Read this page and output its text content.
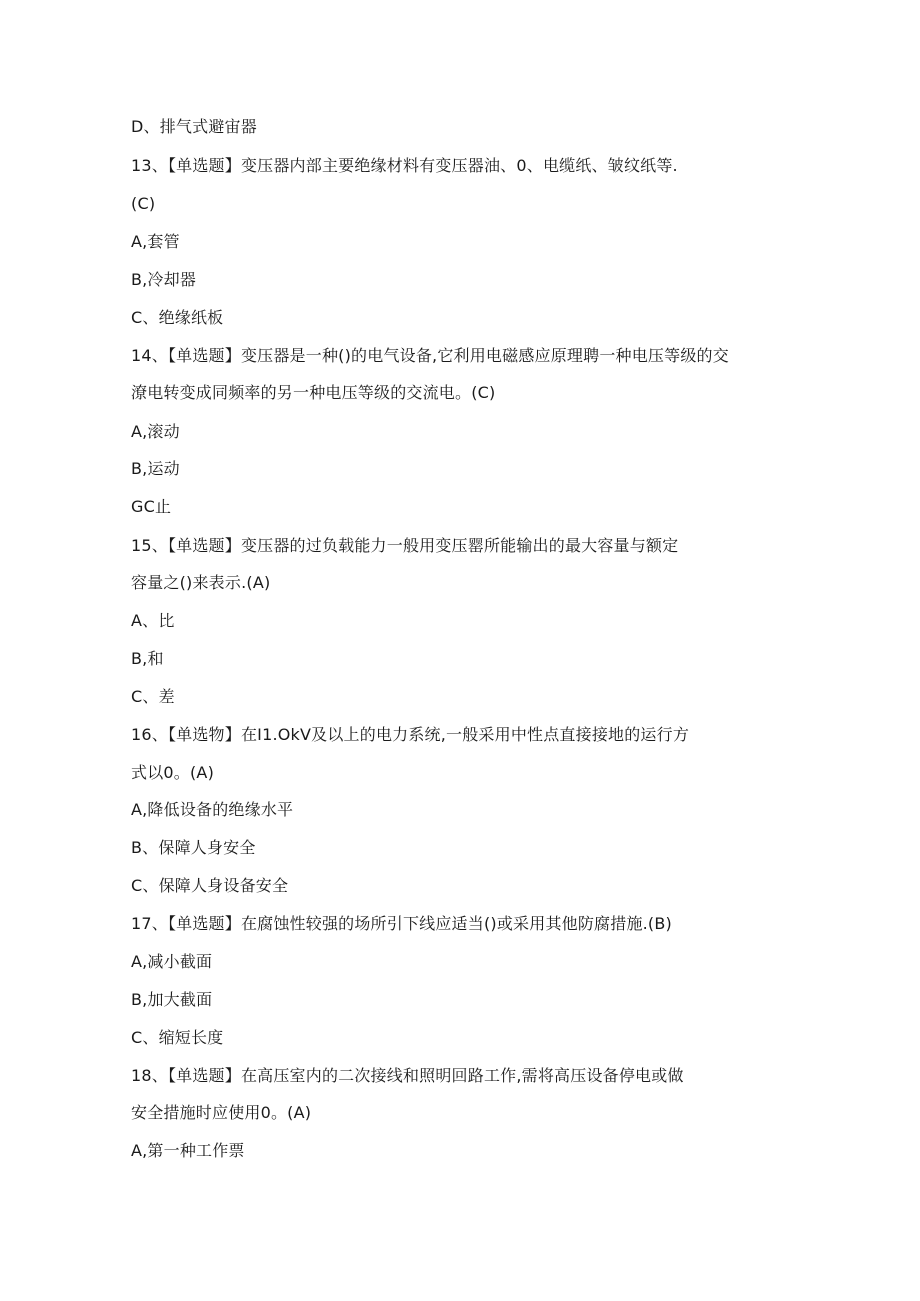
D、排气式避宙器
13、【单选题】变压器内部主要绝缘材料有变压器油、0、电缆纸、皱纹纸等.
(C)
A,套管
B,冷却器
C、绝缘纸板
14、【单选题】变压器是一种()的电气设备,它利用电磁感应原理聘一种电压等级的交
潦电转变成同频率的另一种电压等级的交流电。(C)
A,滚动
B,运动
GC止
15、【单选题】变压器的过负载能力一般用变压罂所能输出的最大容量与额定
容量之()来表示.(A)
A、比
B,和
C、差
16、【单选物】在I1.OkV及以上的电力系统,一般采用中性点直接接地的运行方
式以0。(A)
A,降低设备的绝缘水平
B、保障人身安全
C、保障人身设备安全
17、【单选题】在腐蚀性较强的场所引下线应适当()或采用其他防腐措施.(B)
A,减小截面
B,加大截面
C、缩短长度
18、【单选题】在高压室内的二次接线和照明回路工作,需将高压设备停电或做
安全措施时应使用0。(A)
A,第一种工作票
